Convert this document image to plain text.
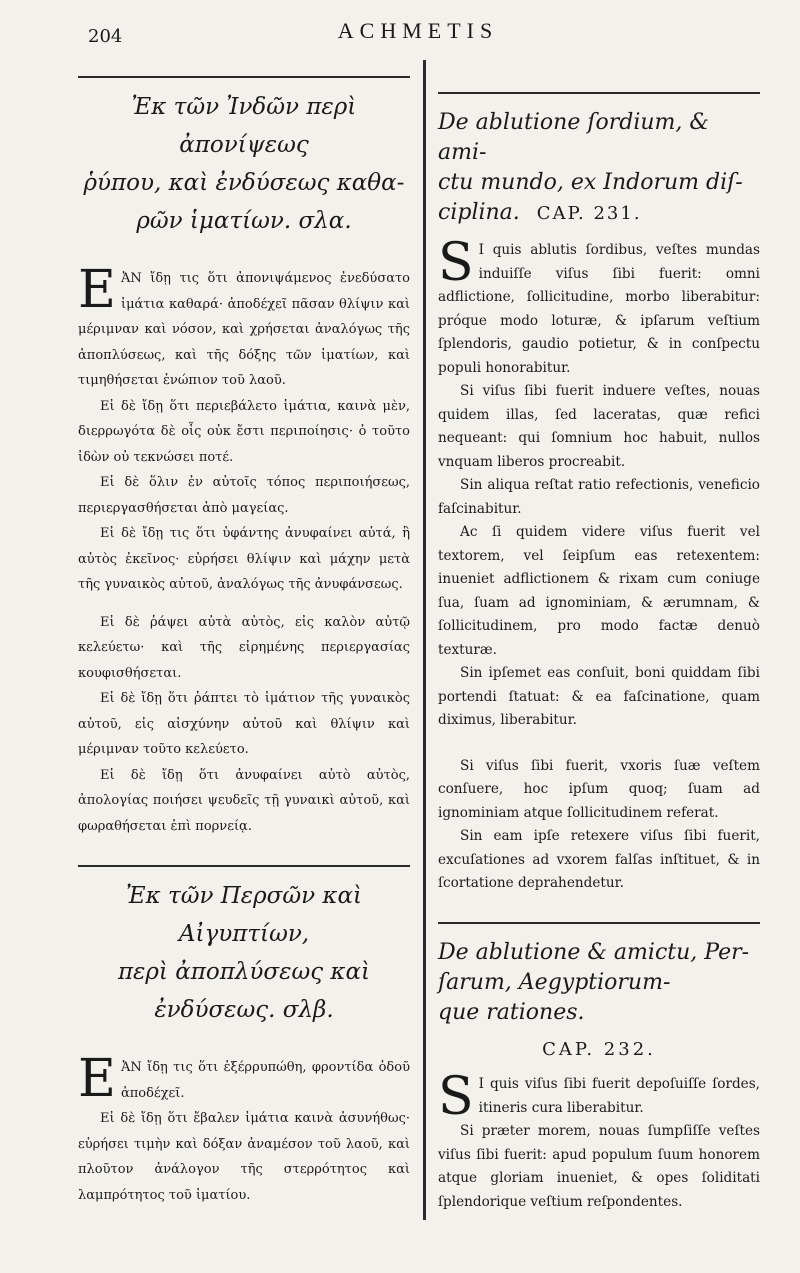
204	ACHMETIS
Ἐκ τῶν Ἰνδῶν περὶ ἀπονίψεως
ῥύπου, καὶ ἐνδύσεως καθα-
ρῶν ἱματίων. σλα.

ΕἈΝ ἴδῃ τις ὅτι ἀπονιψάμενος ἐνεδύσατο ἱμάτια καθαρά· ἀποδέχεῖ πᾶσαν θλίψιν καὶ μέριμναν καὶ νόσον, καὶ χρήσεται ἀναλόγως τῆς ἀποπλύσεως, καὶ τῆς δόξης τῶν ἱματίων, καὶ τιμηθήσεται ἐνώπιον τοῦ λαοῦ.

Εἰ δὲ ἴδῃ ὅτι περιεβάλετο ἱμάτια, καινὰ μὲν, διερρωγότα δὲ οἷς οὐκ ἔστι περιποίησις· ὁ τοῦτο ἰδὼν οὐ τεκνώσει ποτέ.

Εἰ δὲ ὅλιν ἐν αὐτοῖς τόπος περιποιήσεως, περιεργασθήσεται ἀπὸ μαγείας.

Εἰ δὲ ἴδῃ τις ὅτι ὑφάντης ἀνυφαίνει αὐτά, ἢ αὐτὸς ἐκεῖνος· εὑρήσει θλίψιν καὶ μάχην μετὰ τῆς γυναικὸς αὐτοῦ, ἀναλόγως τῆς ἀνυφάνσεως.

Εἰ δὲ ῥάψει αὐτὰ αὐτὸς, εἰς καλὸν αὐτῷ κελεύετω· καὶ τῆς εἰρημένης περιεργασίας κουφισθήσεται.

Εἰ δὲ ἴδῃ ὅτι ῥάπτει τὸ ἱμάτιον τῆς γυναικὸς αὐτοῦ, εἰς αἰσχύνην αὐτοῦ καὶ θλίψιν καὶ μέριμναν τοῦτο κελεύετο.

Εἰ δὲ ἴδῃ ὅτι ἀνυφαίνει αὐτὸ αὐτὸς, ἀπολογίας ποιήσει ψευδεῖς τῇ γυναικὶ αὐτοῦ, καὶ φωραθήσεται ἐπὶ πορνείᾳ.

Ἐκ τῶν Περσῶν καὶ Αἰγυπτίων,
περὶ ἀποπλύσεως καὶ
ἐνδύσεως. σλβ.

ΕἈΝ ἴδῃ τις ὅτι ἐξέρρυπώθη, φροντίδα ὁδοῦ ἀποδέχεῖ.

Εἰ δὲ ἴδῃ ὅτι ἔβαλεν ἱμάτια καινὰ ἀσυνήθως· εὑρήσει τιμὴν καὶ δόξαν ἀναμέσον τοῦ λαοῦ, καὶ πλοῦτον ἀνάλογον τῆς στερρότητος καὶ λαμπρότητος τοῦ ἱματίου.

De ablutione ſordium, & ami-
ctu mundo, ex Indorum diſ-
ciplina. CAP. 231.

SI quis ablutis ſordibus, veſtes mundas induiſſe viſus ſibi fuerit: omni adflictione, ſollicitudine, morbo liberabitur: próque modo loturæ, & ipſarum veſtium ſplendoris, gaudio potietur, & in conſpectu populi honorabitur.

Si viſus ſibi fuerit induere veſtes, nouas quidem illas, ſed laceratas, quæ refici nequeant: qui ſomnium hoc habuit, nullos vnquam liberos procreabit.

Sin aliqua reſtat ratio refectionis, veneficio faſcinabitur.

Ac ſi quidem videre viſus fuerit vel textorem, vel ſeipſum eas retexentem: inueniet adflictionem & rixam cum coniuge ſua, ſuam ad ignominiam, & ærumnam, & ſollicitudinem, pro modo factæ denuò texturæ.

Sin ipſemet eas conſuit, boni quiddam ſibi portendi ſtatuat: & ea faſcinatione, quam diximus, liberabitur.

Si viſus ſibi fuerit, vxoris ſuæ veſtem conſuere, hoc ipſum quoq; ſuam ad ignominiam atque ſollicitudinem referat.

Sin eam ipſe retexere viſus ſibi fuerit, excuſationes ad vxorem falſas inſtituet, & in ſcortatione deprahendetur.

De ablutione & amictu, Per-
ſarum, Aegyptiorum-
que rationes.
CAP. 232.

SI quis viſus ſibi fuerit depoſuiſſe ſordes, itineris cura liberabitur.

Si præter morem, nouas ſumpſiſſe veſtes viſus ſibi fuerit: apud populum ſuum honorem atque gloriam inueniet, & opes ſoliditati ſplendorique veſtium reſpondentes.
